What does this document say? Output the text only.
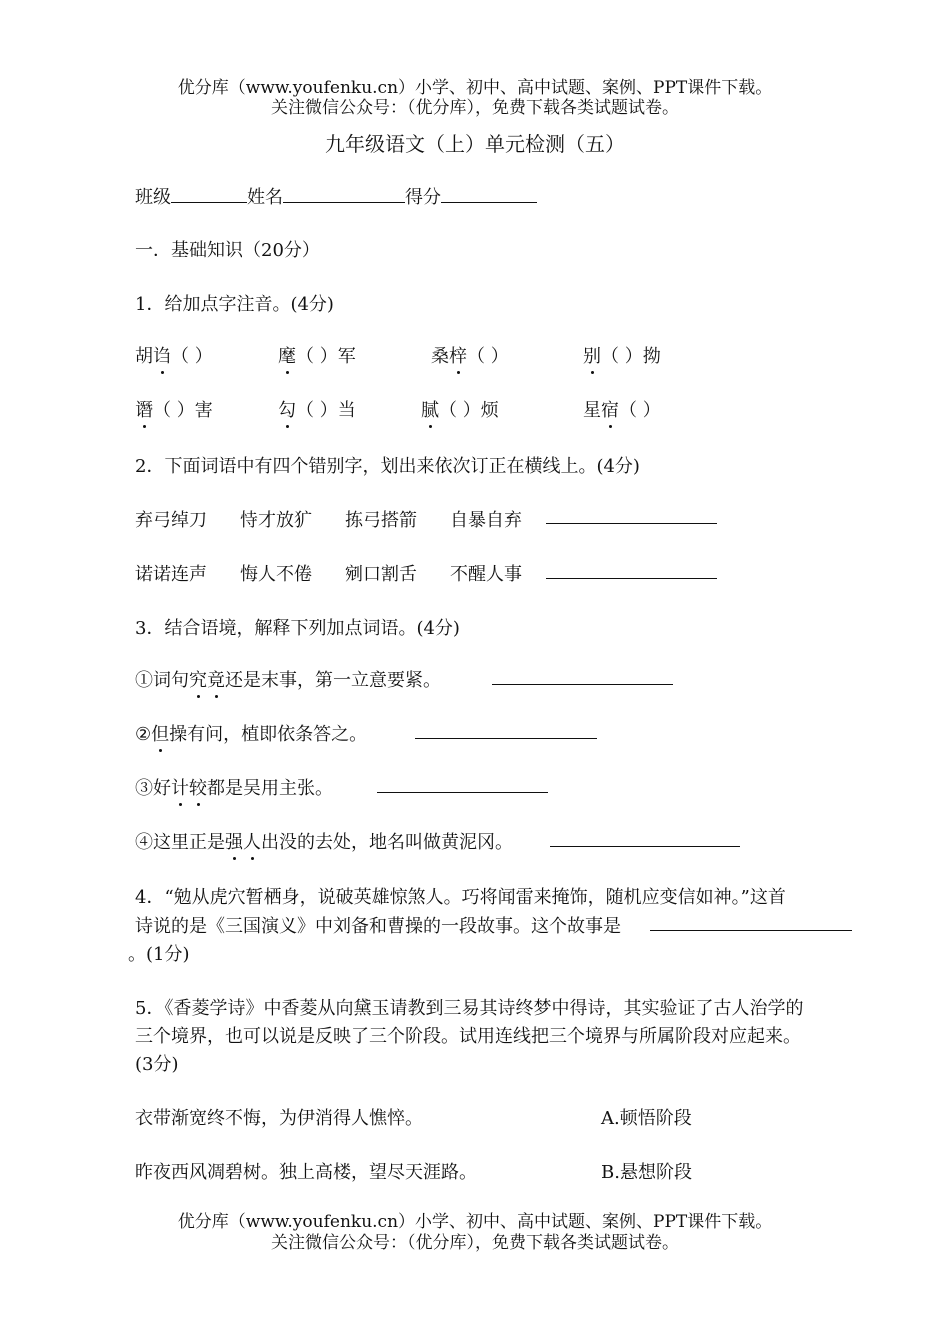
优分库（www.youfenku.cn）小学、初中、高中试题、案例、PPT课件下载。
关注微信公众号：（优分库），免费下载各类试题试卷。
九年级语文（上）单元检测（五）
班级	姓名	得分
一．基础知识（20分）
1．给加点字注音。(4分)
胡诌（ ）	麾（ ）军	桑梓（ ）	别（ ）拗
谮（ ）害	勾（ ）当	腻（ ）烦	星宿（ ）
2．下面词语中有四个错别字，划出来依次订正在横线上。(4分)
弃弓绰刀 恃才放犷 拣弓搭箭 自暴自弃
诺诺连声 悔人不倦 剜口割舌 不醒人事
3．结合语境，解释下列加点词语。(4分)
①词句究竟还是末事，第一立意要紧。
②但操有问，植即依条答之。
③好计较都是吴用主张。
④这里正是强人出没的去处，地名叫做黄泥冈。
4．“勉从虎穴暂栖身，说破英雄惊煞人。巧将闻雷来掩饰，随机应变信如神。”这首
诗说的是《三国演义》中刘备和曹操的一段故事。这个故事是
。(1分)
5．《香菱学诗》中香菱从向黛玉请教到三易其诗终梦中得诗，其实验证了古人治学的
三个境界，也可以说是反映了三个阶段。试用连线把三个境界与所属阶段对应起来。
(3分)
衣带渐宽终不悔，为伊消得人憔悴。	A.顿悟阶段
昨夜西风凋碧树。独上高楼，望尽天涯路。	B.悬想阶段
优分库（www.youfenku.cn）小学、初中、高中试题、案例、PPT课件下载。
关注微信公众号：（优分库），免费下载各类试题试卷。
